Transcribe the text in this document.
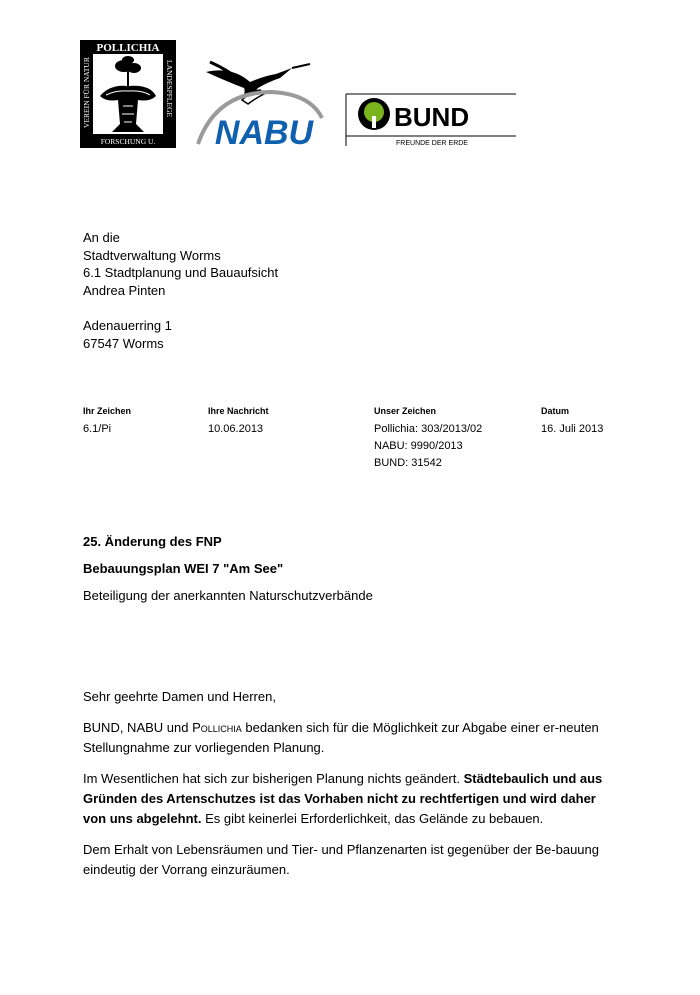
POLLICHIA
VEREIN FÜR NATUR	LANDESPFLEGE
FORSCHUNG U. NABU	BUND
FREUNDE DER ERDE
An die
Stadtverwaltung Worms
6.1 Stadtplanung und Bauaufsicht
Andrea Pinten
Adenauerring 1
67547 Worms
Ihr Zeichen
6.1/Pi
Ihre Nachricht
10.06.2013
Unser Zeichen
Pollichia: 303/2013/02
NABU: 9990/2013
BUND: 31542
Datum
16. Juli 2013
25. Änderung des FNP
Bebauungsplan WEI 7 "Am See"
Beteiligung der anerkannten Naturschutzverbände

Sehr geehrte Damen und Herren,

BUND, NABU und Pollichia bedanken sich für die Möglichkeit zur Abgabe einer er-neuten Stellungnahme zur vorliegenden Planung.

Im Wesentlichen hat sich zur bisherigen Planung nichts geändert. Städtebaulich und aus Gründen des Artenschutzes ist das Vorhaben nicht zu rechtfertigen und wird daher von uns abgelehnt. Es gibt keinerlei Erforderlichkeit, das Gelände zu bebauen.

Dem Erhalt von Lebensräumen und Tier- und Pflanzenarten ist gegenüber der Be-bauung eindeutig der Vorrang einzuräumen.
